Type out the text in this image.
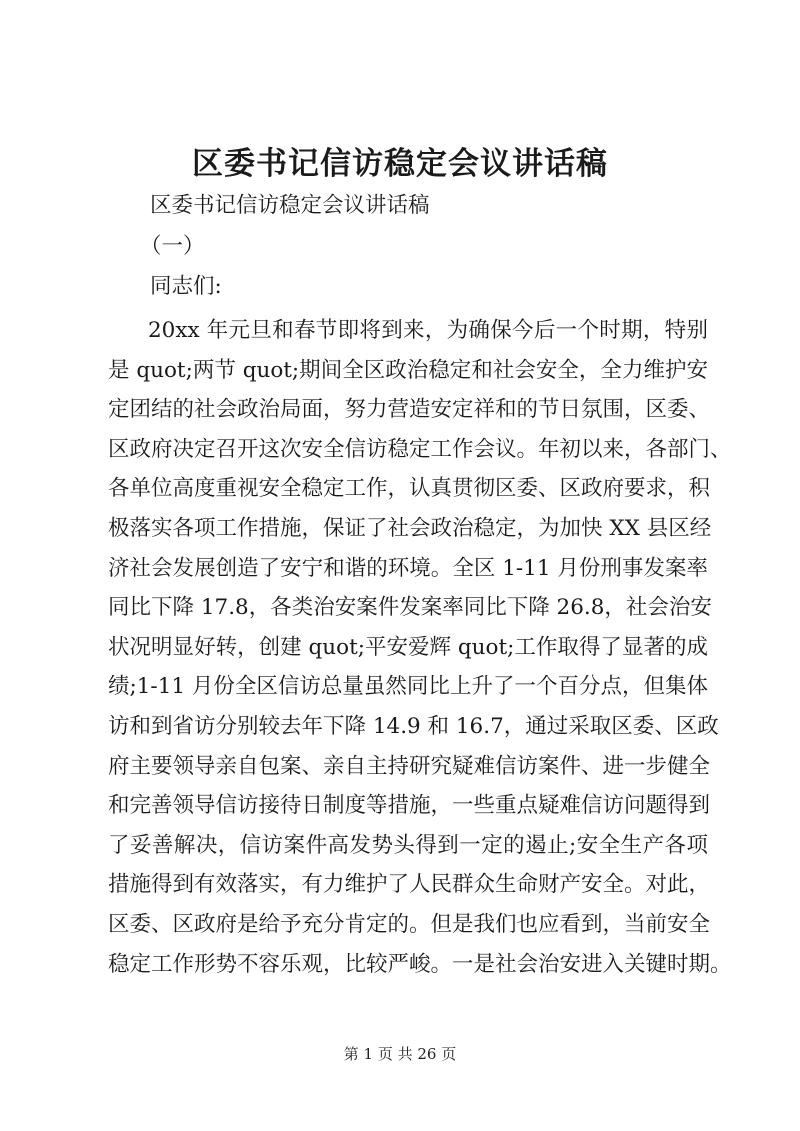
区委书记信访稳定会议讲话稿
区委书记信访稳定会议讲话稿
（一）
同志们:
20xx 年元旦和春节即将到来，为确保今后一个时期，特别
是 quot;两节 quot;期间全区政治稳定和社会安全，全力维护安
定团结的社会政治局面，努力营造安定祥和的节日氛围，区委、
区政府决定召开这次安全信访稳定工作会议。年初以来，各部门、
各单位高度重视安全稳定工作，认真贯彻区委、区政府要求，积
极落实各项工作措施，保证了社会政治稳定，为加快 XX 县区经
济社会发展创造了安宁和谐的环境。全区 1-11 月份刑事发案率
同比下降 17.8，各类治安案件发案率同比下降 26.8，社会治安
状况明显好转，创建 quot;平安爱辉 quot;工作取得了显著的成
绩;1-11 月份全区信访总量虽然同比上升了一个百分点，但集体
访和到省访分别较去年下降 14.9 和 16.7，通过采取区委、区政
府主要领导亲自包案、亲自主持研究疑难信访案件、进一步健全
和完善领导信访接待日制度等措施，一些重点疑难信访问题得到
了妥善解决，信访案件高发势头得到一定的遏止;安全生产各项
措施得到有效落实，有力维护了人民群众生命财产安全。对此，
区委、区政府是给予充分肯定的。但是我们也应看到，当前安全
稳定工作形势不容乐观，比较严峻。一是社会治安进入关键时期。
第 1 页 共 26 页
